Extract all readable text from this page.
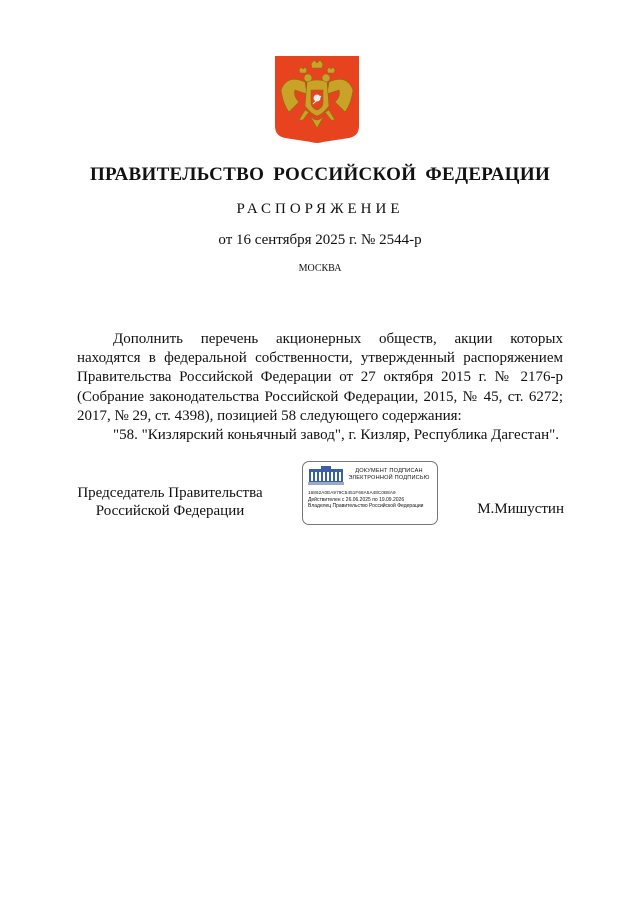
ПРАВИТЕЛЬСТВО РОССИЙСКОЙ ФЕДЕРАЦИИ
РАСПОРЯЖЕНИЕ
от 16 сентября 2025 г. № 2544-р
МОСКВА
Дополнить перечень акционерных обществ, акции которых
находятся в федеральной собственности, утвержденный распоряжением
Правительства Российской Федерации от 27 октября 2015 г. № 2176-р
(Собрание законодательства Российской Федерации, 2015, № 45, ст. 6272;
2017, № 29, ст. 4398), позицией 58 следующего содержания:
"58. "Кизлярский коньячный завод", г. Кизляр, Республика Дагестан".
Председатель Правительства
Российской Федерации
ДОКУМЕНТ ПОДПИСАН
ЭЛЕКТРОННОЙ ПОДПИСЬЮ
16862A0EA979C5451F68A5A48C0B8A9
Действителен с 26.06.2025 по 19.09.2026
Владелец Правительство Российской Федерации	М.Мишустин
